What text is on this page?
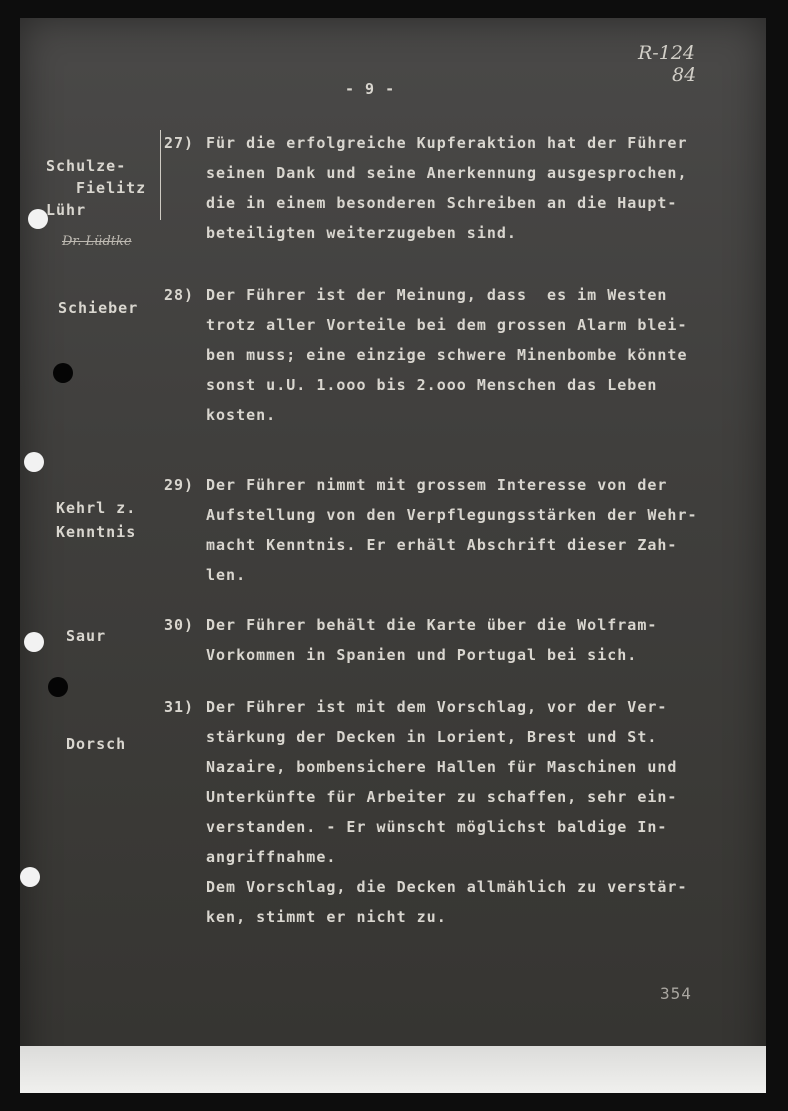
- 9 -
R-124
84
Schulze-
Fielitz
Lühr
Dr. Lüdtke
Schieber
Kehrl z.
Kenntnis
Saur
Dorsch
27) Für die erfolgreiche Kupferaktion hat der Führer
seinen Dank und seine Anerkennung ausgesprochen,
die in einem besonderen Schreiben an die Haupt-
beteiligten weiterzugeben sind.
28) Der Führer ist der Meinung, dass  es im Westen
trotz aller Vorteile bei dem grossen Alarm blei-
ben muss; eine einzige schwere Minenbombe könnte
sonst u.U. 1.ooo bis 2.ooo Menschen das Leben
kosten.
29) Der Führer nimmt mit grossem Interesse von der
Aufstellung von den Verpflegungsstärken der Wehr-
macht Kenntnis. Er erhält Abschrift dieser Zah-
len.
30) Der Führer behält die Karte über die Wolfram-
Vorkommen in Spanien und Portugal bei sich.
31) Der Führer ist mit dem Vorschlag, vor der Ver-
stärkung der Decken in Lorient, Brest und St.
Nazaire, bombensichere Hallen für Maschinen und
Unterkünfte für Arbeiter zu schaffen, sehr ein-
verstanden. - Er wünscht möglichst baldige In-
angriffnahme.
Dem Vorschlag, die Decken allmählich zu verstär-
ken, stimmt er nicht zu.
354
